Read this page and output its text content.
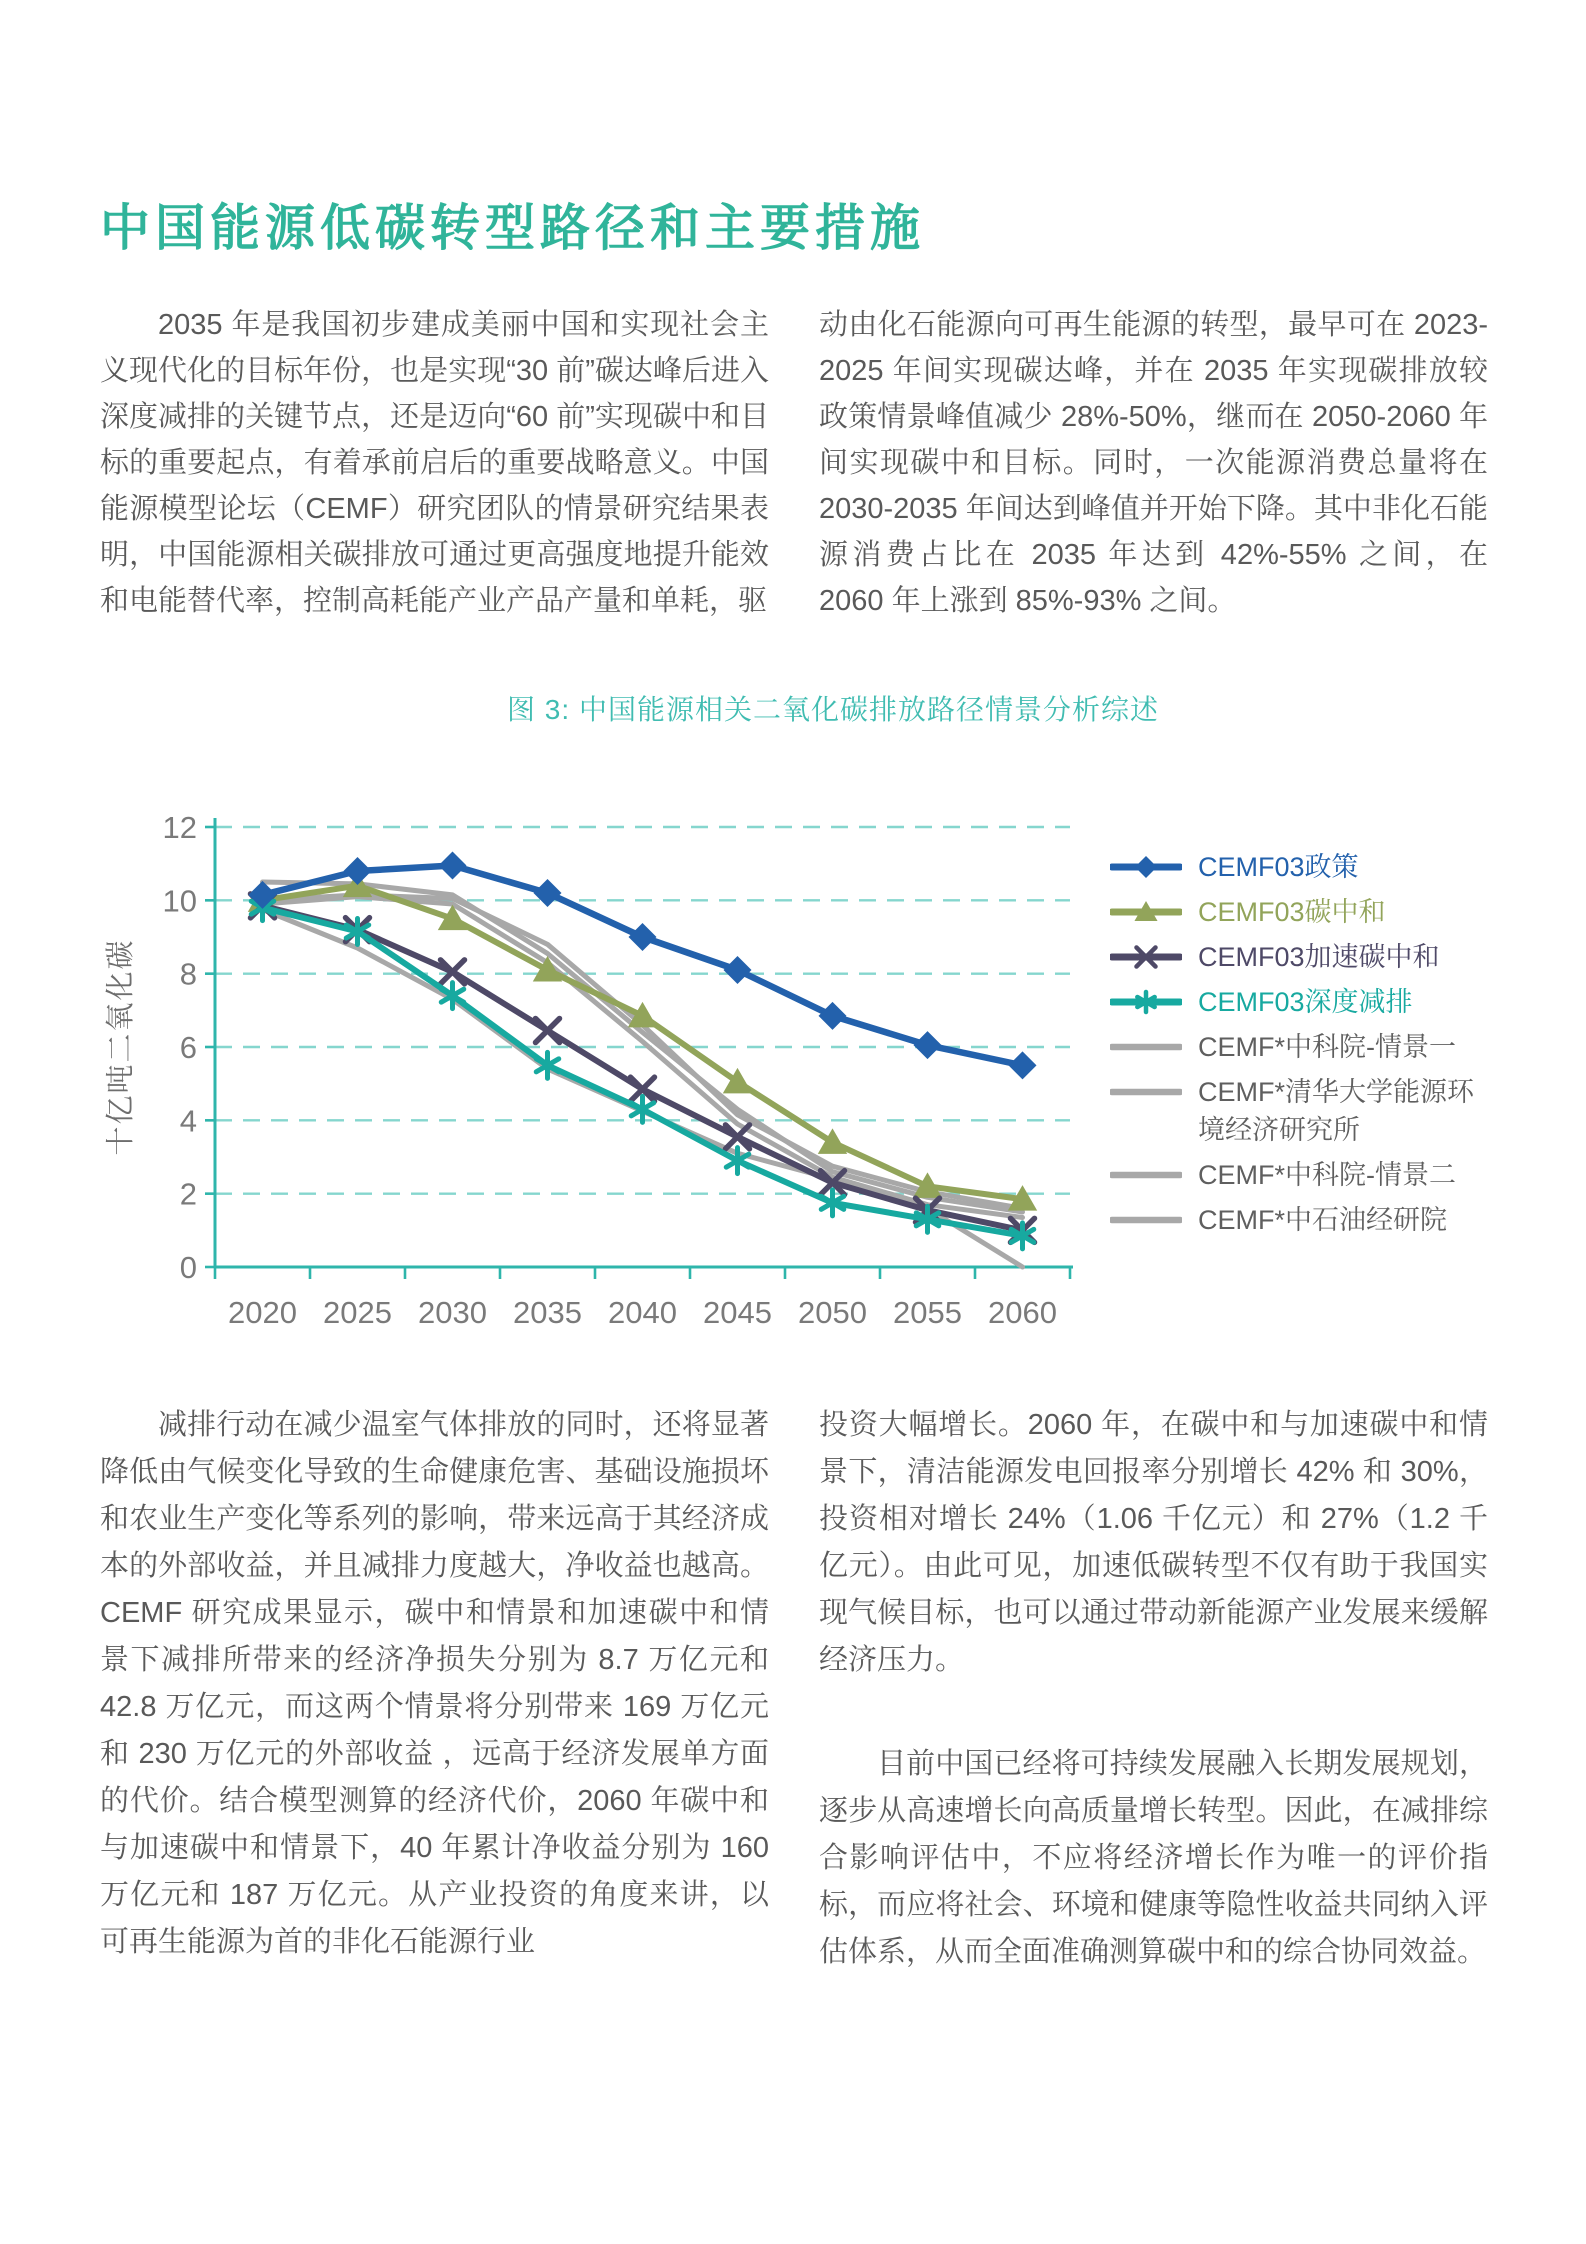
中国能源低碳转型路径和主要措施

2035 年是我国初步建成美丽中国和实现社会主义现代化的目标年份，也是实现“30 前”碳达峰后进入深度减排的关键节点，还是迈向“60 前”实现碳中和目标的重要起点，有着承前启后的重要战略意义。中国能源模型论坛（CEMF）研究团队的情景研究结果表明，中国能源相关碳排放可通过更高强度地提升能效和电能替代率，控制高耗能产业产品产量和单耗，驱

动由化石能源向可再生能源的转型，最早可在 2023-2025 年间实现碳达峰，并在 2035 年实现碳排放较政策情景峰值减少 28%-50%，继而在 2050-2060 年间实现碳中和目标。同时，一次能源消费总量将在 2030-2035 年间达到峰值并开始下降。其中非化石能源消费占比在 2035 年达到 42%-55% 之间，在 2060 年上涨到 85%-93% 之间。

图 3: 中国能源相关二氧化碳排放路径情景分析综述
0
2
4
6
8
10
12
2020 2025 2030 2035 2040 2045 2050 2055 2060
十亿吨二氧化碳
CEMF03政策
CEMF03碳中和
CEMF03加速碳中和
CEMF03深度减排
CEMF*中科院-情景一
CEMF*清华大学能源环境经济研究所
CEMF*中科院-情景二
CEMF*中石油经研院

减排行动在减少温室气体排放的同时，还将显著降低由气候变化导致的生命健康危害、基础设施损坏和农业生产变化等系列的影响，带来远高于其经济成本的外部收益，并且减排力度越大，净收益也越高。CEMF 研究成果显示，碳中和情景和加速碳中和情景下减排所带来的经济净损失分别为 8.7 万亿元和 42.8 万亿元，而这两个情景将分别带来 169 万亿元和 230 万亿元的外部收益 ，远高于经济发展单方面的代价。结合模型测算的经济代价，2060 年碳中和与加速碳中和情景下，40 年累计净收益分别为 160 万亿元和 187 万亿元。从产业投资的角度来讲，以可再生能源为首的非化石能源行业

投资大幅增长。2060 年，在碳中和与加速碳中和情景下，清洁能源发电回报率分别增长 42% 和 30%，投资相对增长 24%（1.06 千亿元）和 27%（1.2 千亿元）。由此可见，加速低碳转型不仅有助于我国实现气候目标，也可以通过带动新能源产业发展来缓解经济压力。

目前中国已经将可持续发展融入长期发展规划，逐步从高速增长向高质量增长转型。因此，在减排综合影响评估中，不应将经济增长作为唯一的评价指标，而应将社会、环境和健康等隐性收益共同纳入评估体系，从而全面准确测算碳中和的综合协同效益。
